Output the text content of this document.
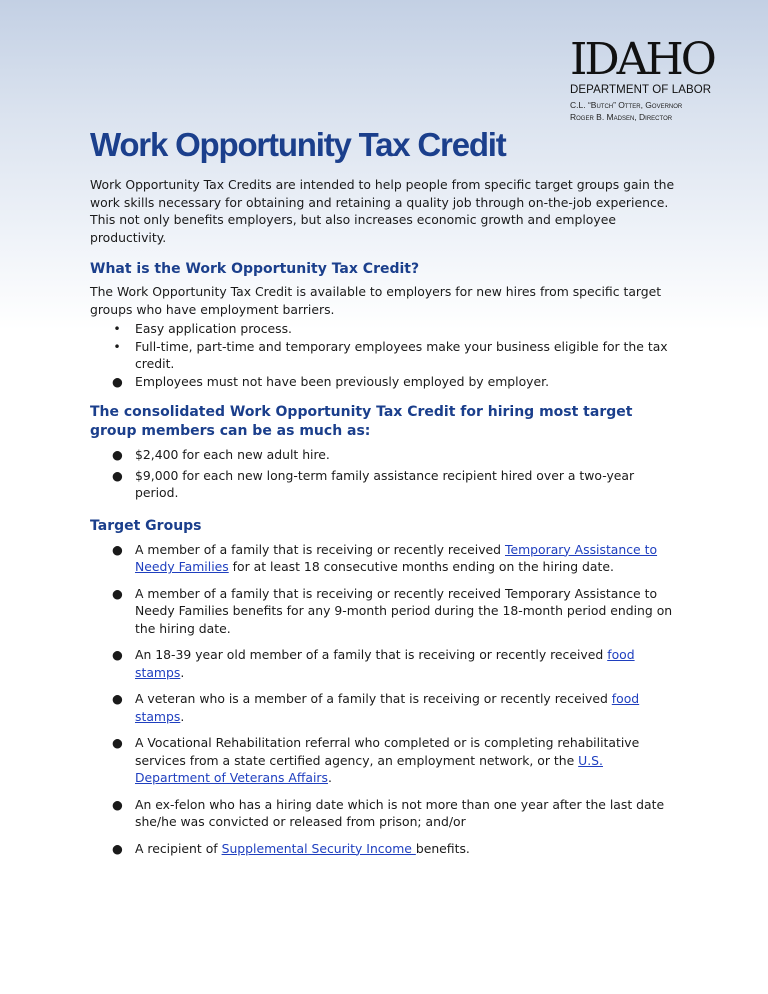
IDAHO
DEPARTMENT OF LABOR
C.L. “Butch” Otter, Governor
Roger B. Madsen, Director
Work Opportunity Tax Credit

Work Opportunity Tax Credits are intended to help people from specific target groups gain the work skills necessary for obtaining and retaining a quality job through on-the-job experience. This not only benefits employers, but also increases economic growth and employee productivity.

What is the Work Opportunity Tax Credit?

The Work Opportunity Tax Credit is available to employers for new hires from specific target groups who have employment barriers.

• Easy application process.
• Full-time, part-time and temporary employees make your business eligible for the tax credit.
● Employees must not have been previously employed by employer.
The consolidated Work Opportunity Tax Credit for hiring most target group members can be as much as:
● $2,400 for each new adult hire.
● $9,000 for each new long-term family assistance recipient hired over a two-year period.
Target Groups
● A member of a family that is receiving or recently received Temporary Assistance to Needy Families for at least 18 consecutive months ending on the hiring date.
● A member of a family that is receiving or recently received Temporary Assistance to Needy Families benefits for any 9-month period during the 18-month period ending on the hiring date.
● An 18-39 year old member of a family that is receiving or recently received food stamps.
● A veteran who is a member of a family that is receiving or recently received food stamps.
● A Vocational Rehabilitation referral who completed or is completing rehabilitative services from a state certified agency, an employment network, or the U.S. Department of Veterans Affairs.
● An ex-felon who has a hiring date which is not more than one year after the last date she/he was convicted or released from prison; and/or
● A recipient of Supplemental Security Income benefits.
